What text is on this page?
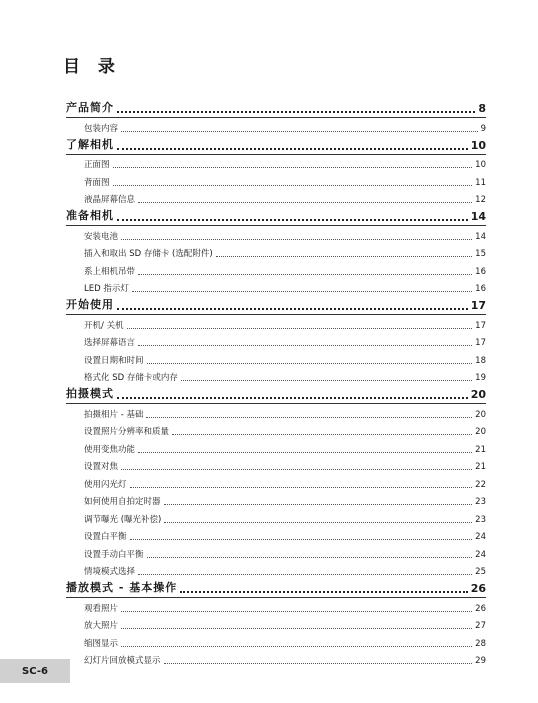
目 录
产品简介	8
包装内容	9
了解相机	10
正面图	10
背面图	11
液晶屏幕信息	12
准备相机	14
安装电池	14
插入和取出 SD 存储卡 (选配附件)	15
系上相机吊带	16
LED 指示灯	16
开始使用	17
开机/ 关机	17
选择屏幕语言	17
设置日期和时间	18
格式化 SD 存储卡或内存	19
拍摄模式	20
拍摄相片 - 基础	20
设置照片分辨率和质量	20
使用变焦功能	21
设置对焦	21
使用闪光灯	22
如何使用自拍定时器	23
调节曝光 (曝光补偿)	23
设置白平衡	24
设置手动白平衡	24
情境模式选择	25
播放模式 - 基本操作	26
观看照片	26
放大照片	27
缩图显示	28
幻灯片回放模式显示	29
SC-6
